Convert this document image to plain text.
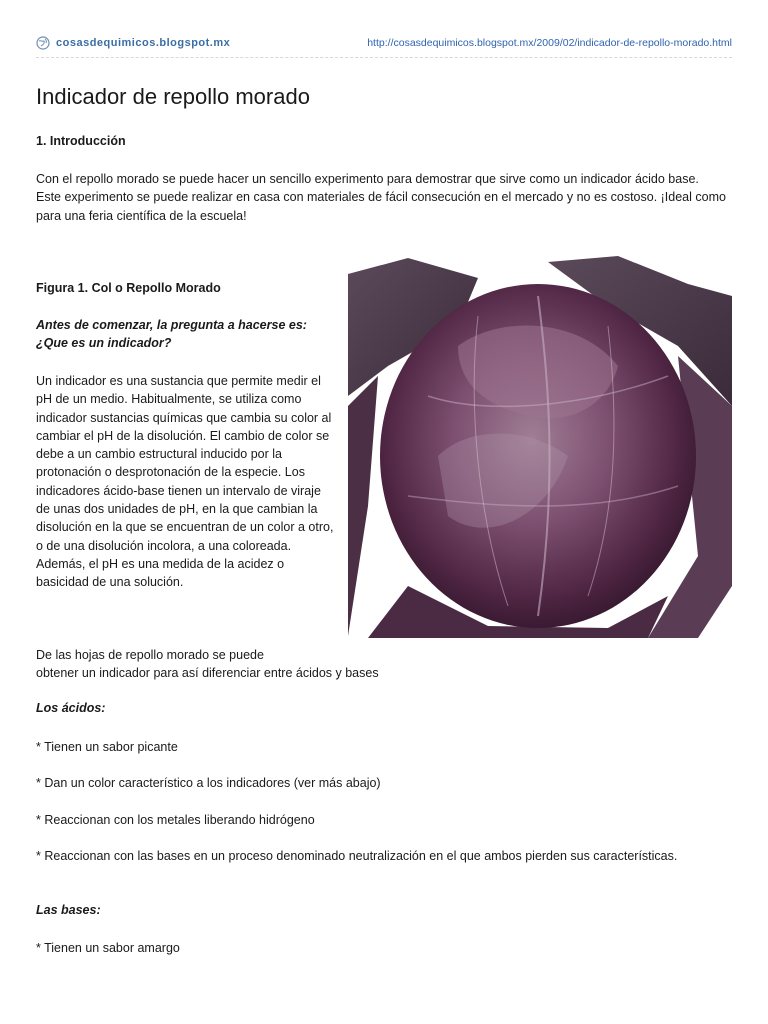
cosasdequimicos.blogspot.mx	http://cosasdequimicos.blogspot.mx/2009/02/indicador-de-repollo-morado.html
Indicador de repollo morado
1. Introducción

Con el repollo morado se puede hacer un sencillo experimento para demostrar que sirve como un indicador ácido base. Este experimento se puede realizar en casa con materiales de fácil consecución en el mercado y no es costoso. ¡Ideal como para una feria científica de la escuela!

Figura 1. Col o Repollo Morado
Antes de comenzar, la pregunta a hacerse es: ¿Que es un indicador?

Un indicador es una sustancia que permite medir el pH de un medio. Habitualmente, se utiliza como indicador sustancias químicas que cambia su color al cambiar el pH de la disolución. El cambio de color se debe a un cambio estructural inducido por la protonación o desprotonación de la especie. Los indicadores ácido-base tienen un intervalo de viraje de unas dos unidades de pH, en la que cambian la disolución en la que se encuentran de un color a otro, o de una disolución incolora, a una coloreada. Además, el pH es una medida de la acidez o basicidad de una solución.

De las hojas de repollo morado se puede
obtener un indicador para así diferenciar entre ácidos y bases

Los ácidos:
* Tienen un sabor picante
* Dan un color característico a los indicadores (ver más abajo)
* Reaccionan con los metales liberando hidrógeno
* Reaccionan con las bases en un proceso denominado neutralización en el que ambos pierden sus características.
Las bases:
* Tienen un sabor amargo
